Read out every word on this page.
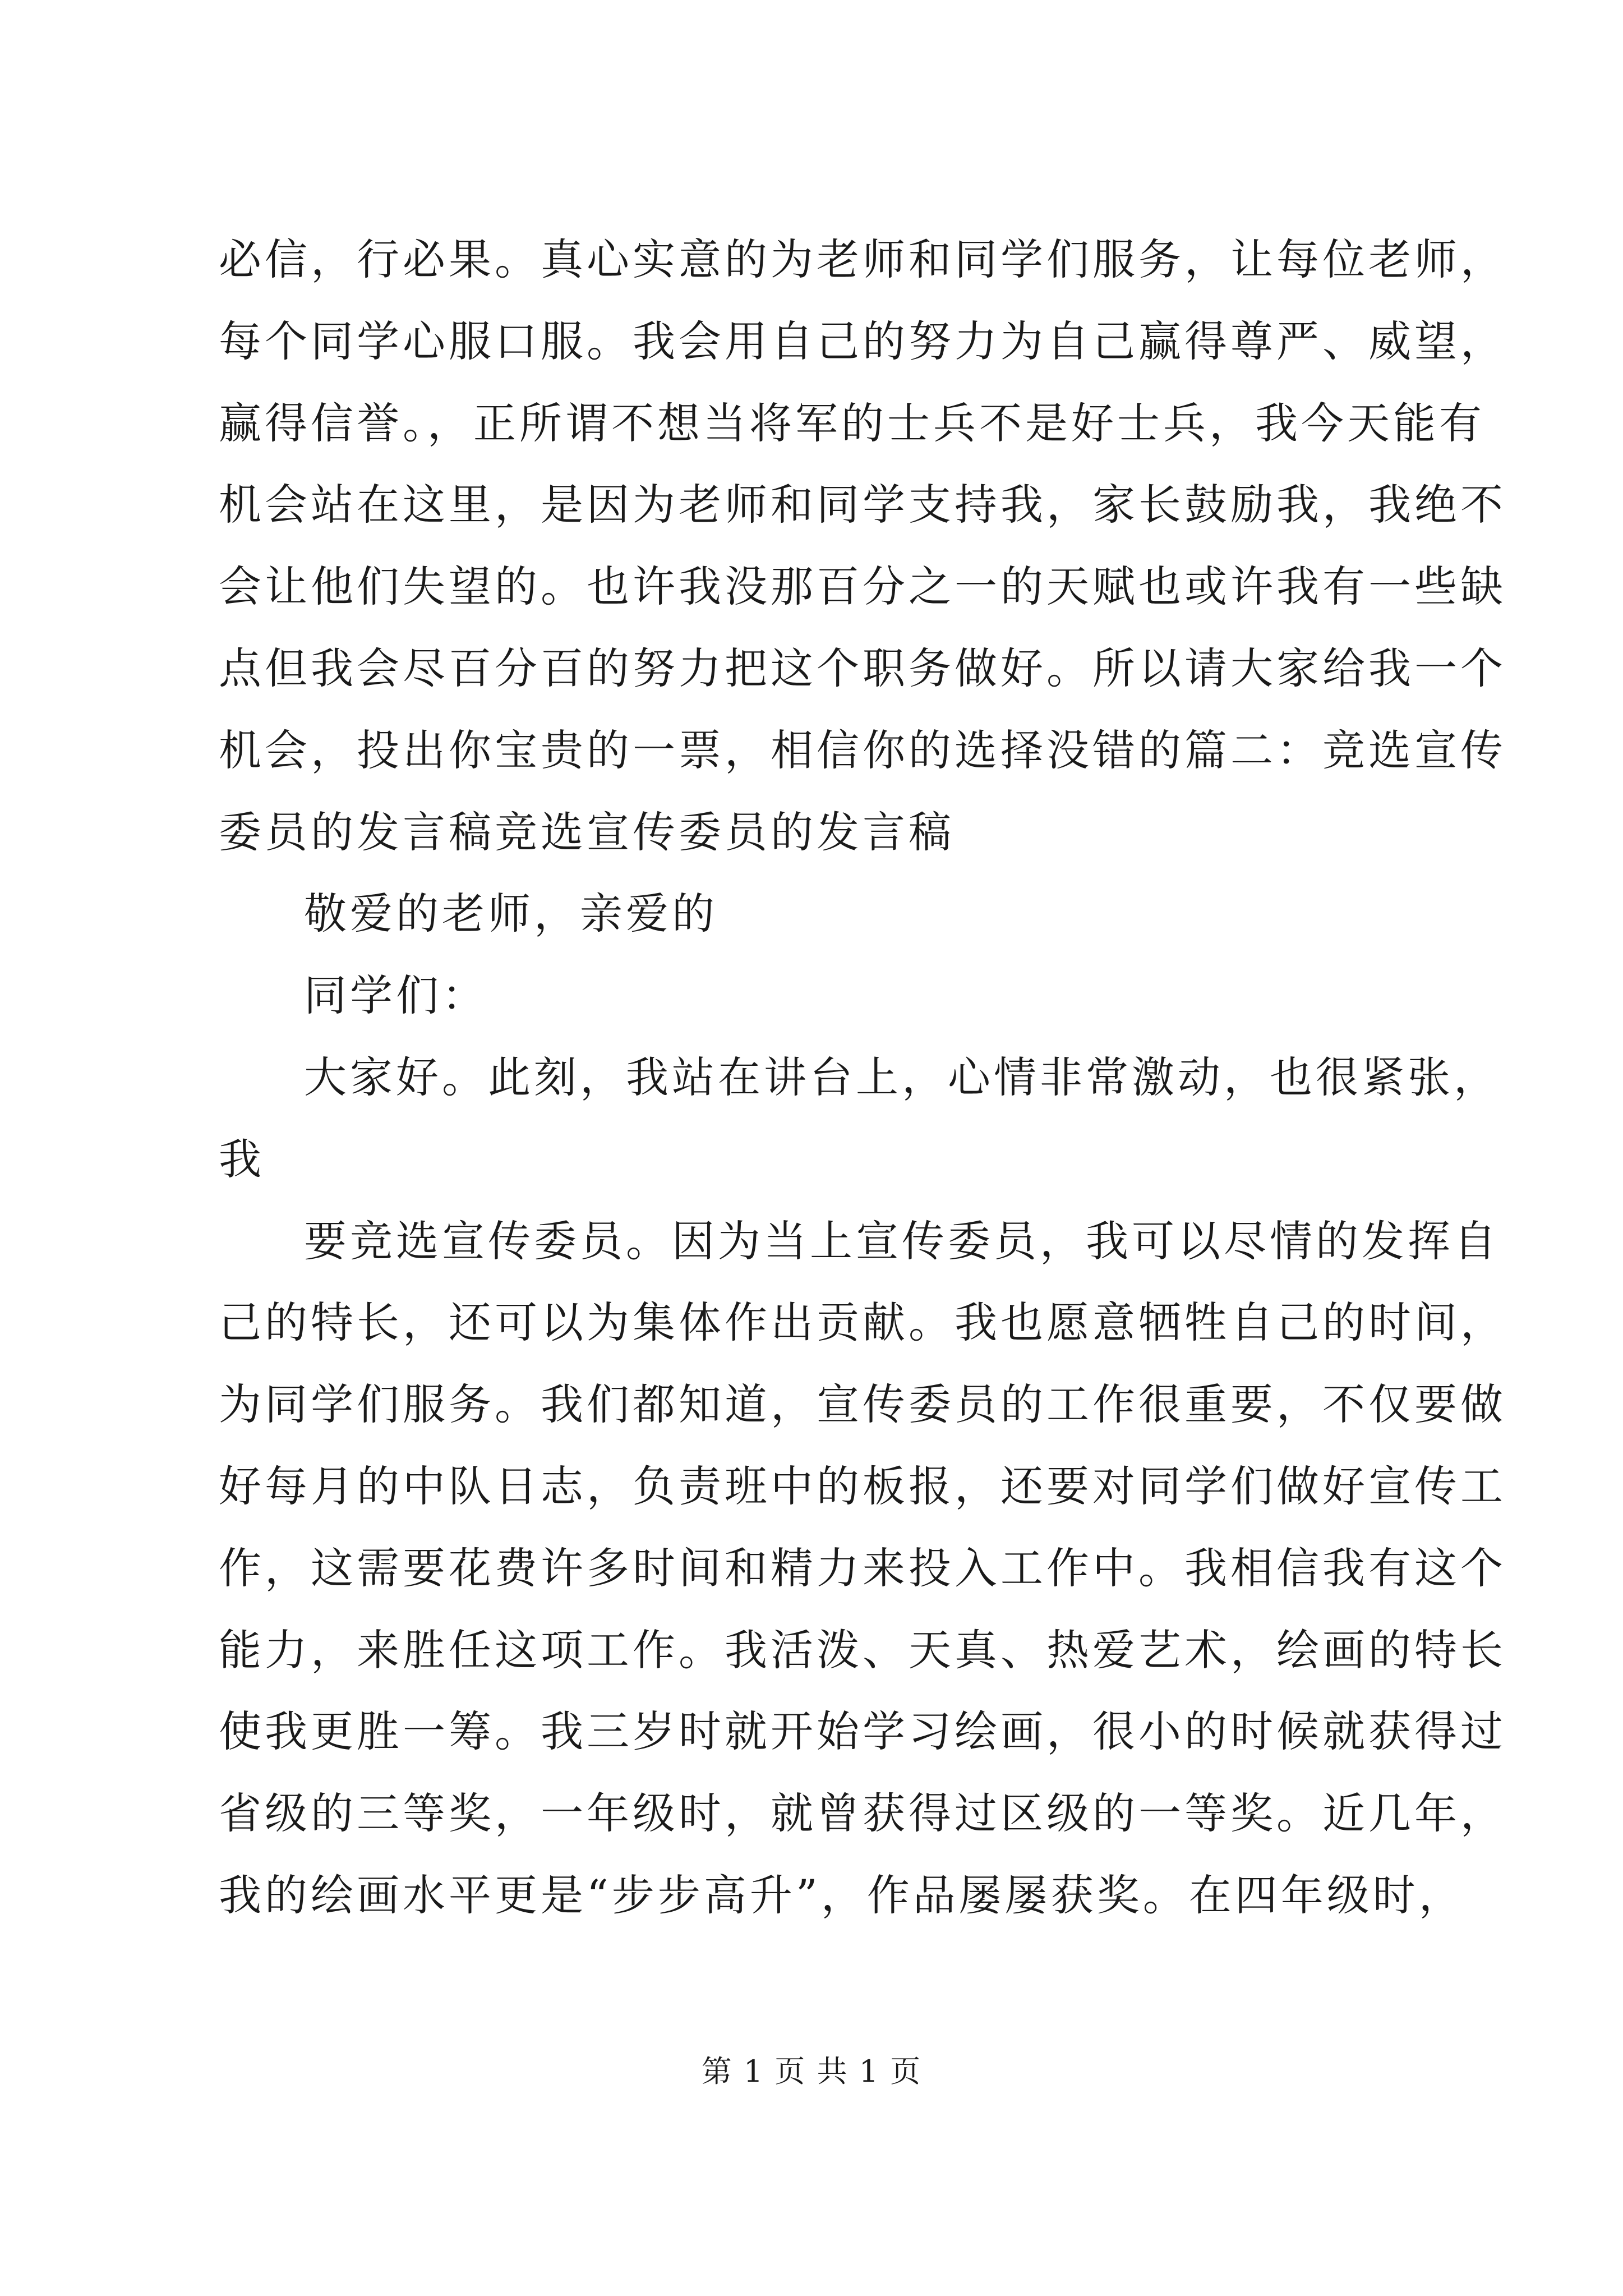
必信，行必果。真心实意的为老师和同学们服务，让每位老师，
每个同学心服口服。我会用自己的努力为自己赢得尊严、威望，
赢得信誉。，正所谓不想当将军的士兵不是好士兵，我今天能有
机会站在这里，是因为老师和同学支持我，家长鼓励我，我绝不
会让他们失望的。也许我没那百分之一的天赋也或许我有一些缺
点但我会尽百分百的努力把这个职务做好。所以请大家给我一个
机会，投出你宝贵的一票，相信你的选择没错的篇二：竞选宣传
委员的发言稿竞选宣传委员的发言稿
敬爱的老师，亲爱的
同学们：
大家好。此刻，我站在讲台上，心情非常激动，也很紧张，
我
要竞选宣传委员。因为当上宣传委员，我可以尽情的发挥自
己的特长，还可以为集体作出贡献。我也愿意牺牲自己的时间，
为同学们服务。我们都知道，宣传委员的工作很重要，不仅要做
好每月的中队日志，负责班中的板报，还要对同学们做好宣传工
作，这需要花费许多时间和精力来投入工作中。我相信我有这个
能力，来胜任这项工作。我活泼、天真、热爱艺术，绘画的特长
使我更胜一筹。我三岁时就开始学习绘画，很小的时候就获得过
省级的三等奖，一年级时，就曾获得过区级的一等奖。近几年，
我的绘画水平更是“步步高升”，作品屡屡获奖。在四年级时，
第 1 页 共 1 页
